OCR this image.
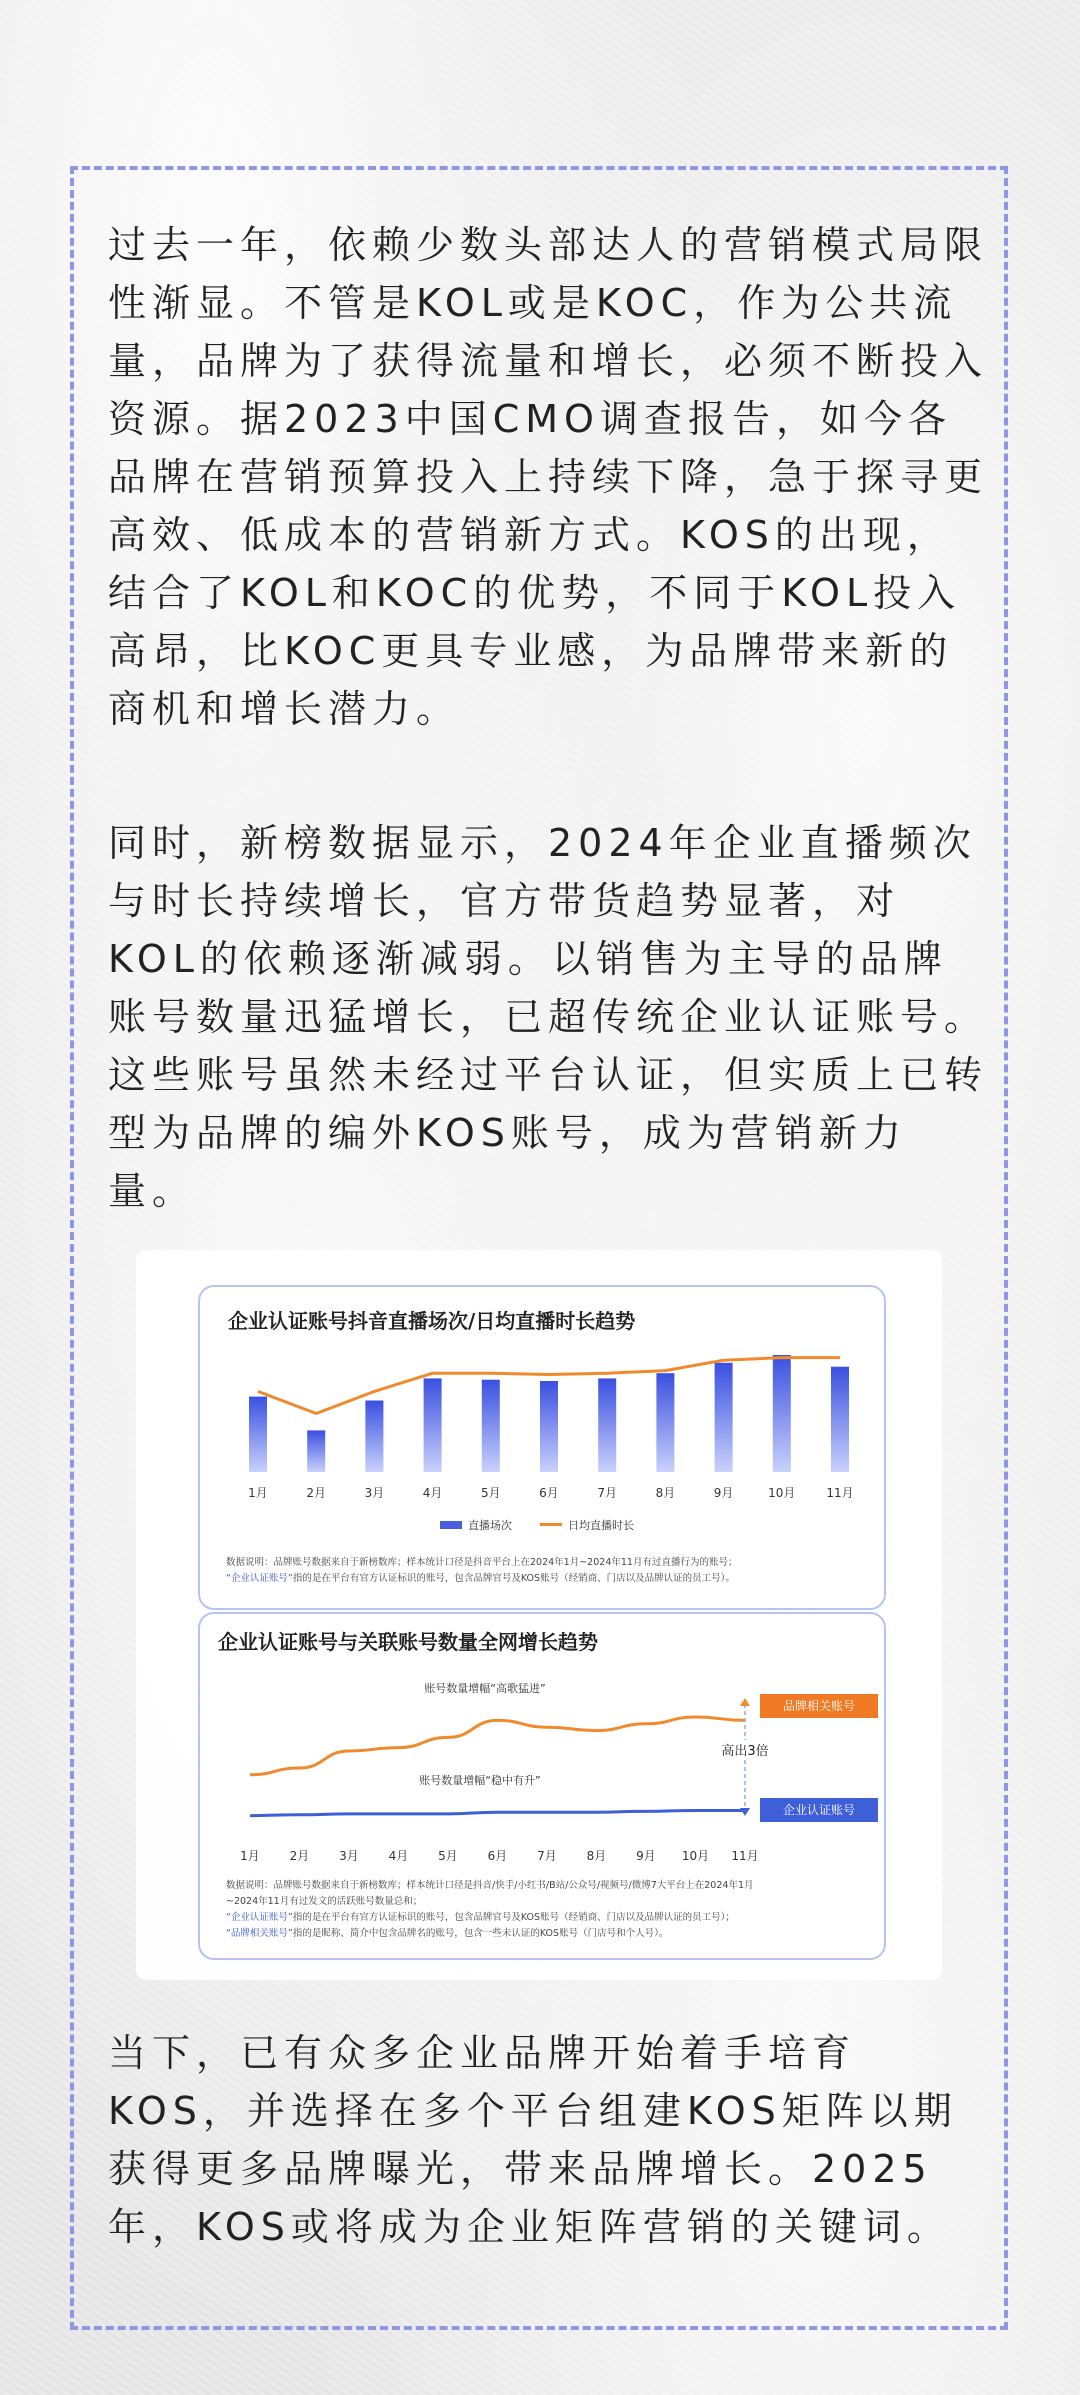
过去一年，依赖少数头部达人的营销模式局限性渐显。不管是KOL或是KOC，作为公共流量，品牌为了获得流量和增长，必须不断投入资源。据2023中国CMO调查报告，如今各品牌在营销预算投入上持续下降，急于探寻更高效、低成本的营销新方式。KOS的出现，结合了KOL和KOC的优势，不同于KOL投入高昂，比KOC更具专业感，为品牌带来新的商机和增长潜力。

同时，新榜数据显示，2024年企业直播频次与时长持续增长，官方带货趋势显著，对KOL的依赖逐渐减弱。以销售为主导的品牌账号数量迅猛增长，已超传统企业认证账号。这些账号虽然未经过平台认证，但实质上已转型为品牌的编外KOS账号，成为营销新力量。

企业认证账号抖音直播场次/日均直播时长趋势
1月	2月	3月	4月	5月	6月	7月	8月	9月	10月	11月
直播场次	日均直播时长
数据说明：品牌账号数据来自于新榜数库；样本统计口径是抖音平台上在2024年1月~2024年11月有过直播行为的账号；
“企业认证账号”指的是在平台有官方认证标识的账号，包含品牌官号及KOS账号（经销商、门店以及品牌认证的员工号）。
企业认证账号与关联账号数量全网增长趋势
1月 2月 3月 4月 5月 6月 7月 8月 9月 10月 11月
账号数量增幅“高歌猛进”
账号数量增幅“稳中有升”
高出3倍
品牌相关账号
企业认证账号
数据说明：品牌账号数据来自于新榜数库；样本统计口径是抖音/快手/小红书/B站/公众号/视频号/微博7大平台上在2024年1月
~2024年11月有过发文的活跃账号数量总和；
“企业认证账号”指的是在平台有官方认证标识的账号，包含品牌官号及KOS账号（经销商、门店以及品牌认证的员工号）；
“品牌相关账号”指的是昵称、简介中包含品牌名的账号，包含一些未认证的KOS账号（门店号和个人号）。

当下，已有众多企业品牌开始着手培育KOS，并选择在多个平台组建KOS矩阵以期获得更多品牌曝光，带来品牌增长。2025年，KOS或将成为企业矩阵营销的关键词。
